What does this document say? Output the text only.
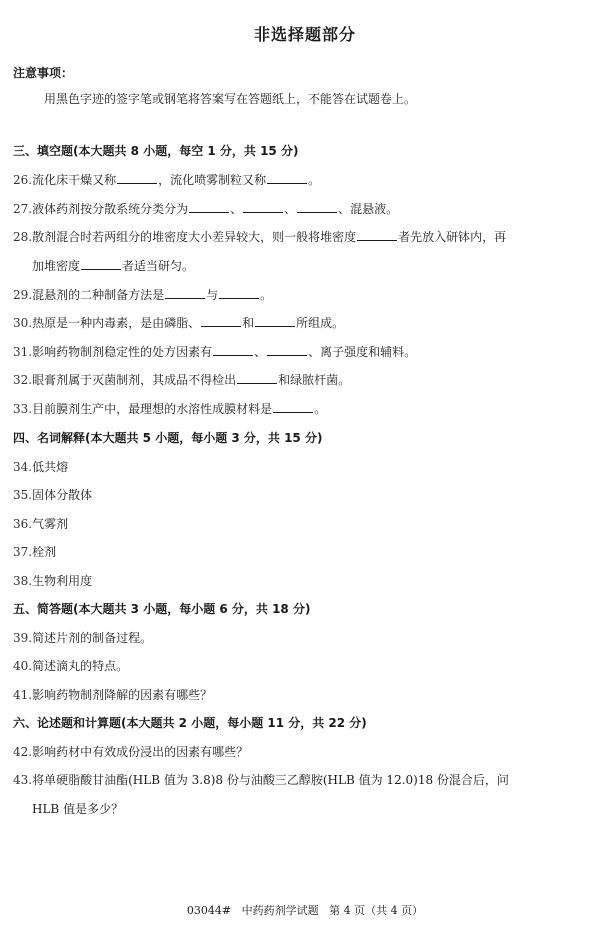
非选择题部分
注意事项：
用黑色字迹的签字笔或钢笔将答案写在答题纸上，不能答在试题卷上。
三、填空题(本大题共 8 小题，每空 1 分，共 15 分)
26.流化床干燥又称	，流化喷雾制粒又称	。
27.液体药剂按分散系统分类分为	、	、	、混悬液。
28.散剂混合时若两组分的堆密度大小差异较大，则一般将堆密度	者先放入研钵内，再
加堆密度	者适当研匀。
29.混悬剂的二种制备方法是	与	。
30.热原是一种内毒素，是由磷脂、	和	所组成。
31.影响药物制剂稳定性的处方因素有	、	、离子强度和辅料。
32.眼膏剂属于灭菌制剂，其成品不得检出	和绿脓杆菌。
33.目前膜剂生产中，最理想的水溶性成膜材料是	。
四、名词解释(本大题共 5 小题，每小题 3 分，共 15 分)
34.低共熔
35.固体分散体
36.气雾剂
37.栓剂
38.生物利用度
五、简答题(本大题共 3 小题，每小题 6 分，共 18 分)
39.简述片剂的制备过程。
40.简述滴丸的特点。
41.影响药物制剂降解的因素有哪些？
六、论述题和计算题(本大题共 2 小题，每小题 11 分，共 22 分)
42.影响药材中有效成份浸出的因素有哪些？
43.将单硬脂酸甘油酯(HLB 值为 3.8)8 份与油酸三乙醇胺(HLB 值为 12.0)18 份混合后，问
HLB 值是多少？
03044#   中药药剂学试题   第 4 页（共 4 页）
